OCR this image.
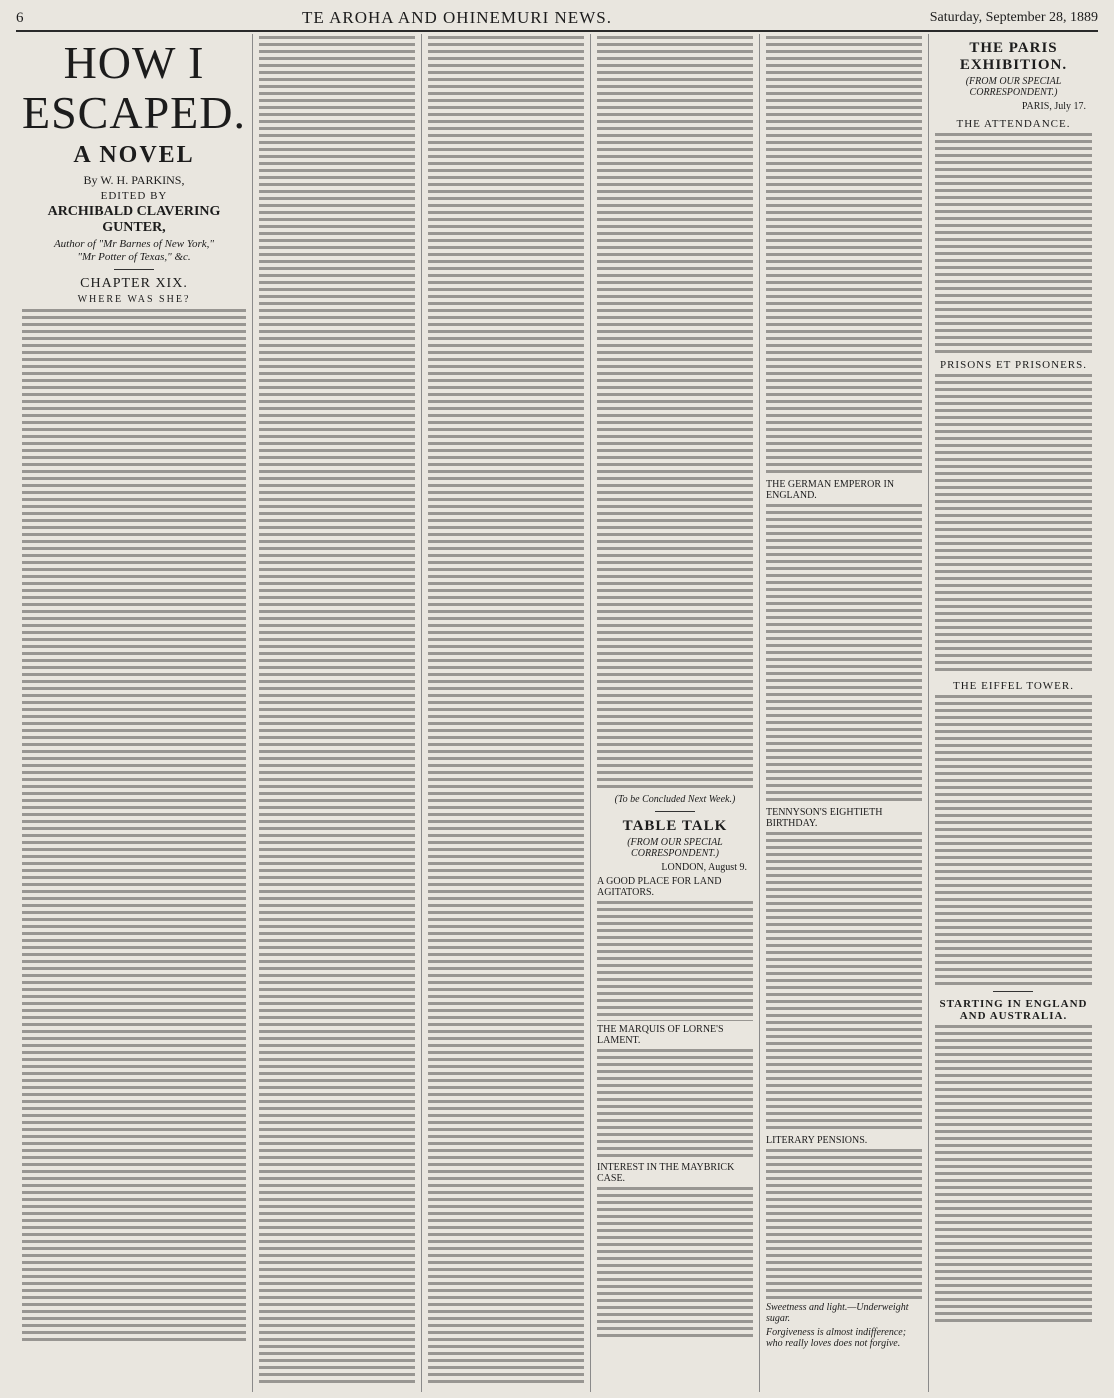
6	TE AROHA AND OHINEMURI NEWS.	Saturday, September 28, 1889
HOW I ESCAPED.
A NOVEL
By W. H. PARKINS,
EDITED BY
ARCHIBALD CLAVERING GUNTER,
Author of "Mr Barnes of New York,"
"Mr Potter of Texas," &c.
CHAPTER XIX.
WHERE WAS SHE?
(To be Concluded Next Week.)
TABLE TALK
(FROM OUR SPECIAL CORRESPONDENT.)
LONDON, August 9.
A GOOD PLACE FOR LAND AGITATORS.
THE MARQUIS OF LORNE'S LAMENT.
INTEREST IN THE MAYBRICK CASE.
THE GERMAN EMPEROR IN ENGLAND.
TENNYSON'S EIGHTIETH BIRTHDAY.
LITERARY PENSIONS.
Sweetness and light.—Underweight sugar.
Forgiveness is almost indifference; who really loves does not forgive.
THE PARIS EXHIBITION.
(FROM OUR SPECIAL CORRESPONDENT.)
PARIS, July 17.
THE ATTENDANCE.
PRISONS ET PRISONERS.
THE EIFFEL TOWER.
STARTING IN ENGLAND AND AUSTRALIA.
